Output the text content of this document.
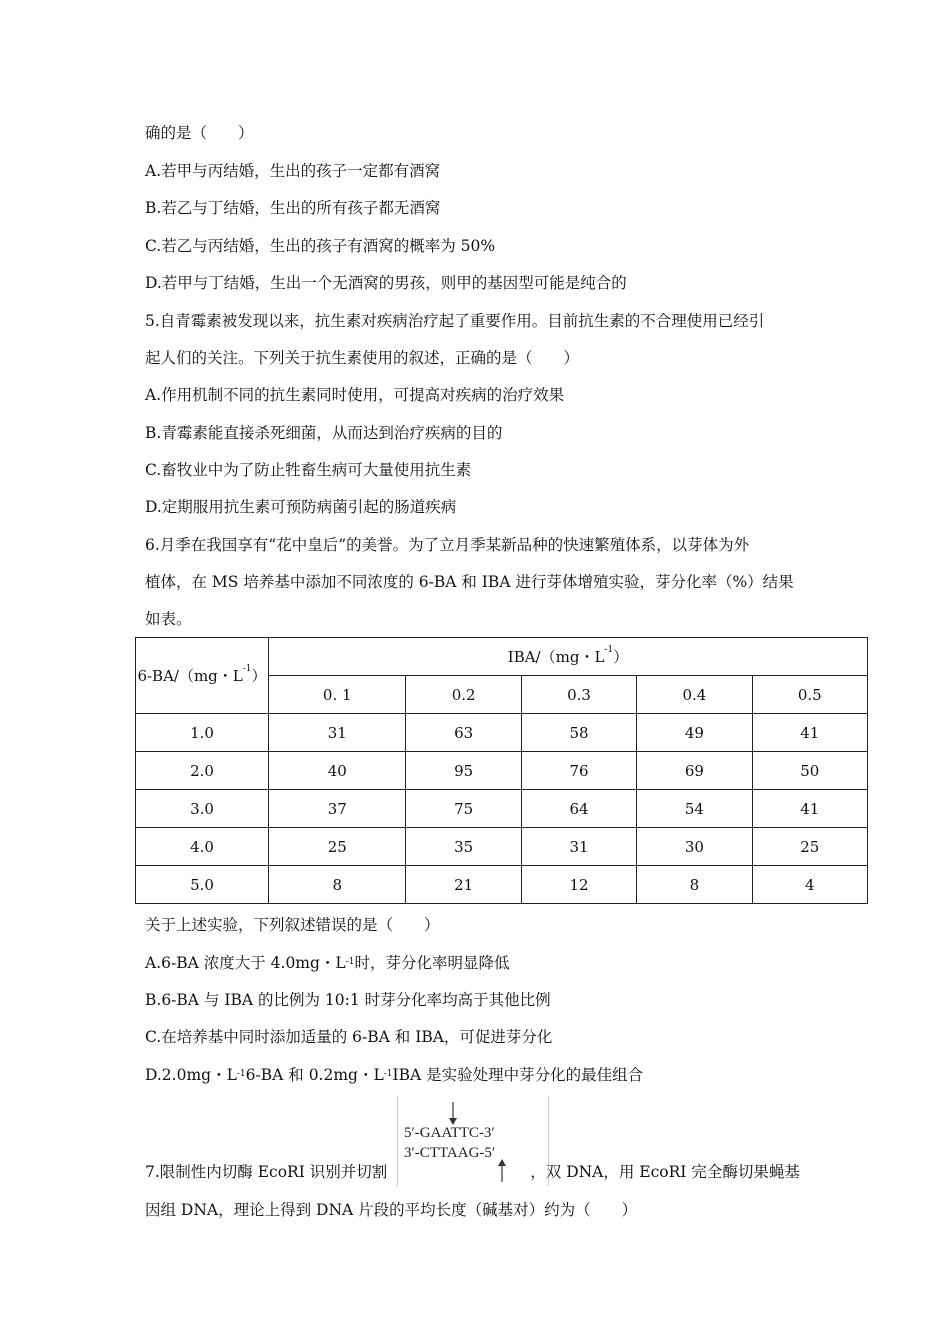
确的是（　　）
A.若甲与丙结婚，生出的孩子一定都有酒窝
B.若乙与丁结婚，生出的所有孩子都无酒窝
C.若乙与丙结婚，生出的孩子有酒窝的概率为 50%
D.若甲与丁结婚，生出一个无酒窝的男孩，则甲的基因型可能是纯合的
5.自青霉素被发现以来，抗生素对疾病治疗起了重要作用。目前抗生素的不合理使用已经引
起人们的关注。下列关于抗生素使用的叙述，正确的是（　　）
A.作用机制不同的抗生素同时使用，可提高对疾病的治疗效果
B.青霉素能直接杀死细菌，从而达到治疗疾病的目的
C.畜牧业中为了防止牲畜生病可大量使用抗生素
D.定期服用抗生素可预防病菌引起的肠道疾病
6.月季在我国享有“花中皇后”的美誉。为了立月季某新品种的快速繁殖体系，以芽体为外
植体，在 MS 培养基中添加不同浓度的 6-BA 和 IBA 进行芽体增殖实验，芽分化率（%）结果
如表。
6-BA/（mg・$L^{-1}$）	IBA/（mg・$L^{-1}$）				
	0. 1	0.2	0.3	0.4	0.5
1.0	31	63	58	49	41
2.0	40	95	76	69	50
3.0	37	75	64	54	41
4.0	25	35	31	30	25
5.0	8	21	12	8	4
关于上述实验，下列叙述错误的是（　　）
A.6-BA 浓度大于 4.0mg・$L^{-1}$时，芽分化率明显降低
B.6-BA 与 IBA 的比例为 10:1 时芽分化率均高于其他比例
C.在培养基中同时添加适量的 6-BA 和 IBA，可促进芽分化
D.2.0mg・$L^{-1}6-BA$ 和 0.2mg・$L^{-1}IBA$ 是实验处理中芽分化的最佳组合
5′-GAATTC-3′
3′-CTTAAG-5′
7.限制性内切酶 EcoRI 识别并切割	，双 DNA，用 EcoRI 完全酶切果蝇基
因组 DNA，理论上得到 DNA 片段的平均长度（碱基对）约为（　　）
